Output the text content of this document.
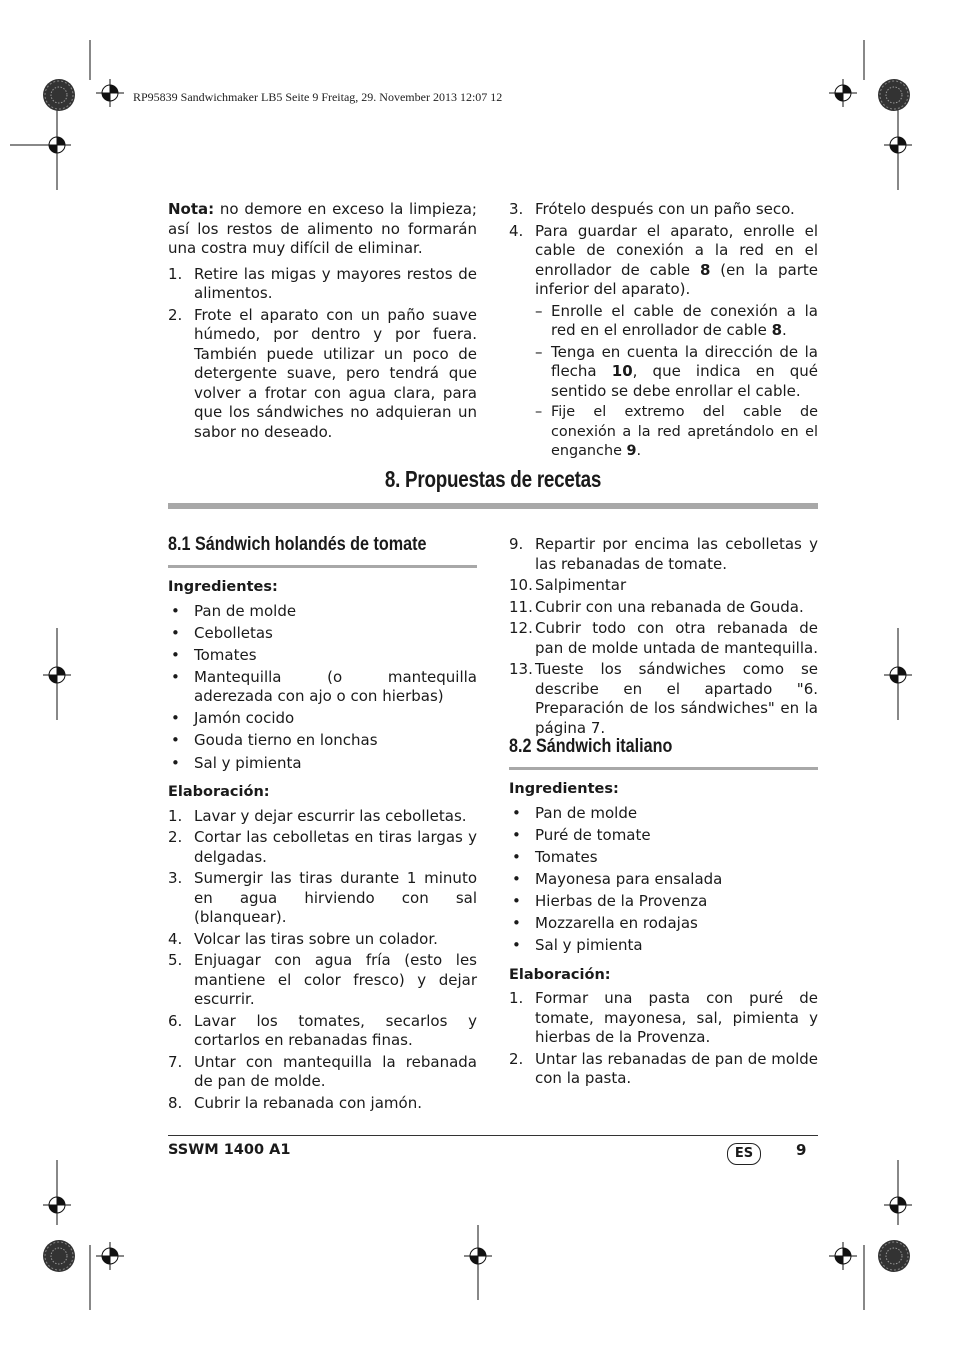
RP95839 Sandwichmaker LB5 Seite 9 Freitag, 29. November 2013 12:07 12

Nota: no demore en exceso la limpieza; así los restos de alimento no formarán una costra muy difícil de eliminar.

1. Retire las migas y mayores restos de alimentos.
2. Frote el aparato con un paño suave húmedo, por dentro y por fuera. También puede utilizar un poco de detergente suave, pero tendrá que volver a frotar con agua clara, para que los sándwiches no adquieran un sabor no deseado.
3. Frótelo después con un paño seco.
4. Para guardar el aparato, enrolle el cable de conexión a la red en el enrollador de cable 8 (en la parte inferior del aparato).
– Enrolle el cable de conexión a la red en el enrollador de cable 8.
– Tenga en cuenta la dirección de la flecha 10, que indica en qué sentido se debe enrollar el cable.
– Fije el extremo del cable de conexión a la red apretándolo en el enganche 9.
8. Propuestas de recetas
8.1 Sándwich holandés de tomate
Ingredientes:
• Pan de molde
• Cebolletas
• Tomates
• Mantequilla (o mantequilla aderezada con ajo o con hierbas)
• Jamón cocido
• Gouda tierno en lonchas
• Sal y pimienta
Elaboración:
1. Lavar y dejar escurrir las cebolletas.
2. Cortar las cebolletas en tiras largas y delgadas.
3. Sumergir las tiras durante 1 minuto en agua hirviendo con sal (blanquear).
4. Volcar las tiras sobre un colador.
5. Enjuagar con agua fría (esto les mantiene el color fresco) y dejar escurrir.
6. Lavar los tomates, secarlos y cortarlos en rebanadas finas.
7. Untar con mantequilla la rebanada de pan de molde.
8. Cubrir la rebanada con jamón.
9. Repartir por encima las cebolletas y las rebanadas de tomate.
10. Salpimentar
11. Cubrir con una rebanada de Gouda.
12. Cubrir todo con otra rebanada de pan de molde untada de mantequilla.
13. Tueste los sándwiches como se describe en el apartado "6. Preparación de los sándwiches" en la página 7.
8.2 Sándwich italiano
Ingredientes:
• Pan de molde
• Puré de tomate
• Tomates
• Mayonesa para ensalada
• Hierbas de la Provenza
• Mozzarella en rodajas
• Sal y pimienta
Elaboración:
1. Formar una pasta con puré de tomate, mayonesa, sal, pimienta y hierbas de la Provenza.
2. Untar las rebanadas de pan de molde con la pasta.
SSWM 1400 A1	ES	9
